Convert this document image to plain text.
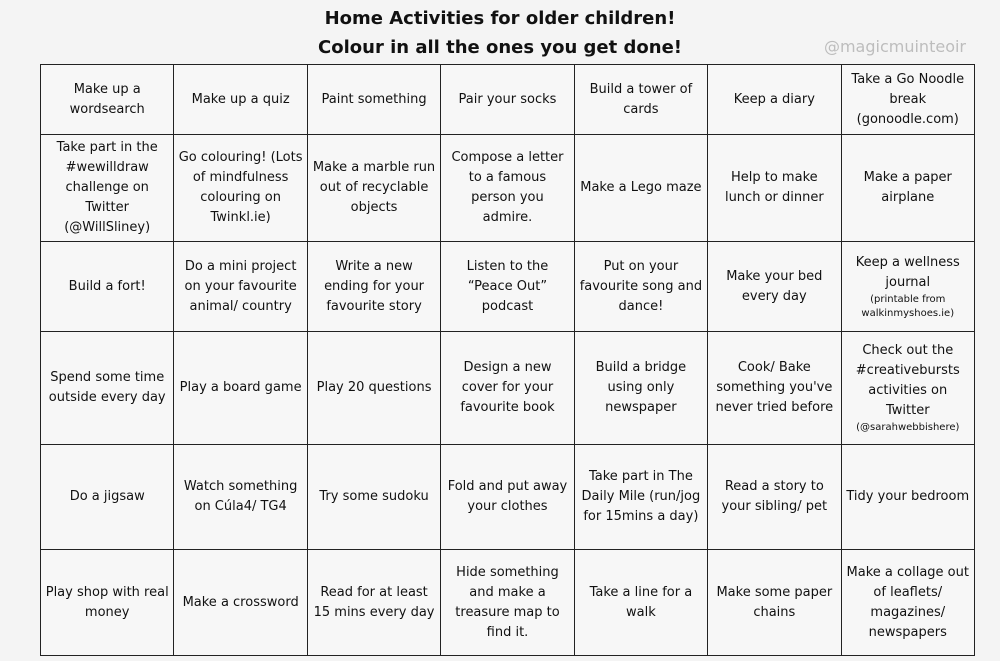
Home Activities for older children!
Colour in all the ones you get done!	@magicmuinteoir
Make up a wordsearch	Make up a quiz	Paint something	Pair your socks	Build a tower of cards	Keep a diary	Take a Go Noodle break (gonoodle.com)
Take part in the #wewilldraw challenge on Twitter (@WillSliney)	Go colouring! (Lots of mindfulness colouring on Twinkl.ie)	Make a marble run out of recyclable objects	Compose a letter to a famous person you admire.	Make a Lego maze	Help to make lunch or dinner	Make a paper airplane
Build a fort!	Do a mini project on your favourite animal/ country	Write a new ending for your favourite story	Listen to the “Peace Out” podcast	Put on your favourite song and dance!	Make your bed every day	Keep a wellness journal
(printable from walkinmyshoes.ie)

Spend some time outside every day	Play a board game	Play 20 questions	Design a new cover for your favourite book	Build a bridge using only newspaper	Cook/ Bake something you've never tried before	Check out the #creativebursts activities on Twitter
(@sarahwebbishere)

Do a jigsaw	Watch something on Cúla4/ TG4	Try some sudoku	Fold and put away your clothes	Take part in The Daily Mile (run/jog for 15mins a day)	Read a story to your sibling/ pet	Tidy your bedroom
Play shop with real money	Make a crossword	Read for at least 15 mins every day	Hide something and make a treasure map to find it.	Take a line for a walk	Make some paper chains	Make a collage out of leaflets/ magazines/ newspapers
